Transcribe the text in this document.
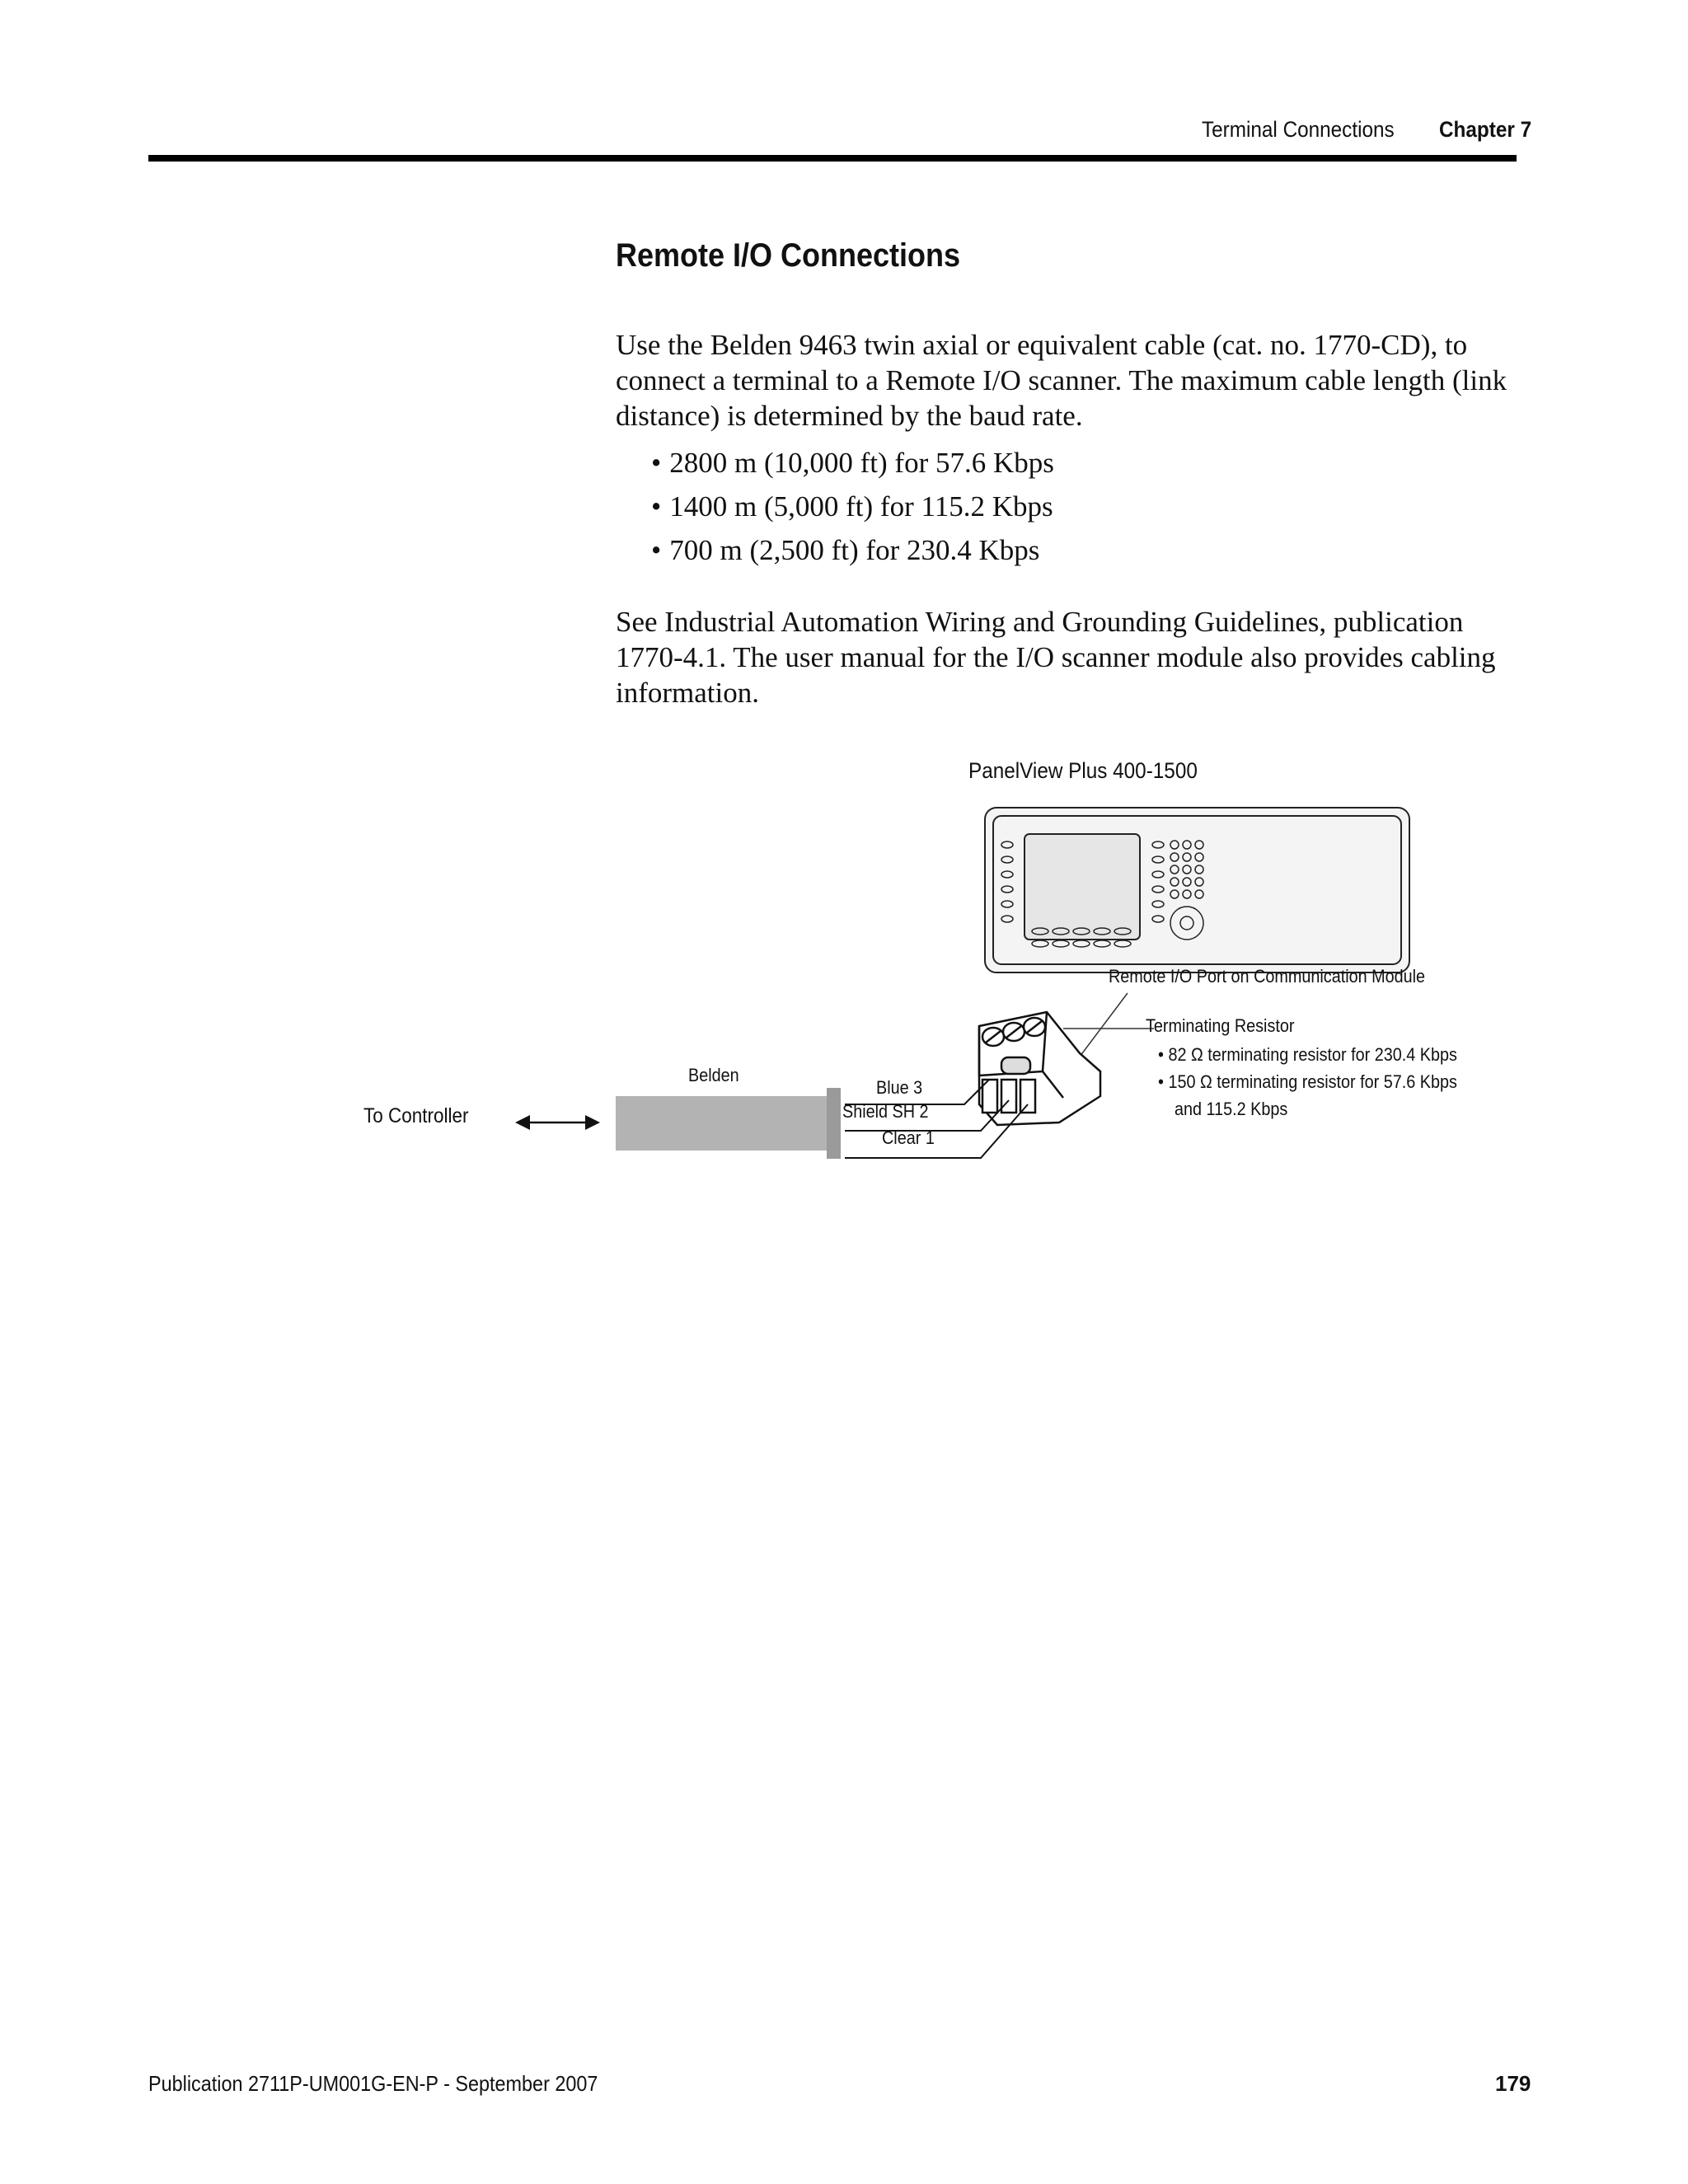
Terminal Connections Chapter 7
Remote I/O Connections
Use the Belden 9463 twin axial or equivalent cable (cat. no. 1770-CD), to connect a terminal to a Remote I/O scanner. The maximum cable length (link distance) is determined by the baud rate.
• 2800 m (10,000 ft) for 57.6 Kbps
• 1400 m (5,000 ft) for 115.2 Kbps
• 700 m (2,500 ft) for 230.4 Kbps
See Industrial Automation Wiring and Grounding Guidelines, publication 1770-4.1. The user manual for the I/O scanner module also provides cabling information.
PanelView Plus 400-1500
Remote I/O Port on Communication Module
Terminating Resistor
• 82 Ω terminating resistor for 230.4 Kbps
• 150 Ω terminating resistor for 57.6 Kbps
and 115.2 Kbps
Belden
To Controller
Blue 3
Shield SH 2
Clear 1
Publication 2711P-UM001G-EN-P - September 2007	179
